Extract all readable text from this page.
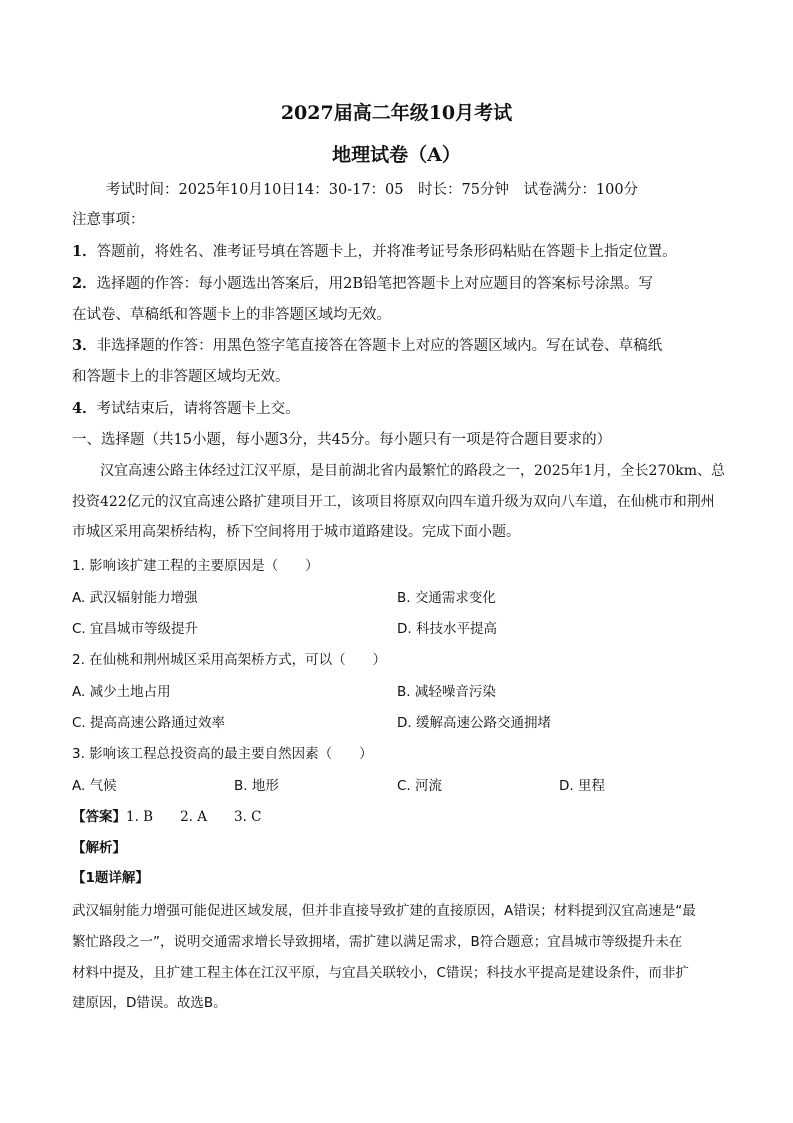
2027届高二年级10月考试
地理试卷（A）
考试时间：2025年10月10日14：30-17：05　时长：75分钟　试卷满分：100分
注意事项：
1．答题前，将姓名、准考证号填在答题卡上，并将准考证号条形码粘贴在答题卡上指定位置。
2．选择题的作答：每小题选出答案后，用2B铅笔把答题卡上对应题目的答案标号涂黑。写
在试卷、草稿纸和答题卡上的非答题区域均无效。
3．非选择题的作答：用黑色签字笔直接答在答题卡上对应的答题区域内。写在试卷、草稿纸
和答题卡上的非答题区域均无效。
4．考试结束后，请将答题卡上交。
一、选择题（共15小题，每小题3分，共45分。每小题只有一项是符合题目要求的）
汉宜高速公路主体经过江汉平原，是目前湖北省内最繁忙的路段之一，2025年1月，全长270km、总
投资422亿元的汉宜高速公路扩建项目开工，该项目将原双向四车道升级为双向八车道，在仙桃市和荆州
市城区采用高架桥结构，桥下空间将用于城市道路建设。完成下面小题。
1. 影响该扩建工程的主要原因是（　　）
A. 武汉辐射能力增强	B. 交通需求变化
C. 宜昌城市等级提升	D. 科技水平提高
2. 在仙桃和荆州城区采用高架桥方式，可以（　　）
A. 减少土地占用	B. 减轻噪音污染
C. 提高高速公路通过效率	D. 缓解高速公路交通拥堵
3. 影响该工程总投资高的最主要自然因素（　　）
A. 气候	B. 地形	C. 河流	D. 里程
【答案】1. B　　2. A　　3. C
【解析】
【1题详解】
武汉辐射能力增强可能促进区域发展，但并非直接导致扩建的直接原因，A错误；材料提到汉宜高速是“最
繁忙路段之一”，说明交通需求增长导致拥堵，需扩建以满足需求，B符合题意；宜昌城市等级提升未在
材料中提及，且扩建工程主体在江汉平原，与宜昌关联较小，C错误；科技水平提高是建设条件，而非扩
建原因，D错误。故选B。
